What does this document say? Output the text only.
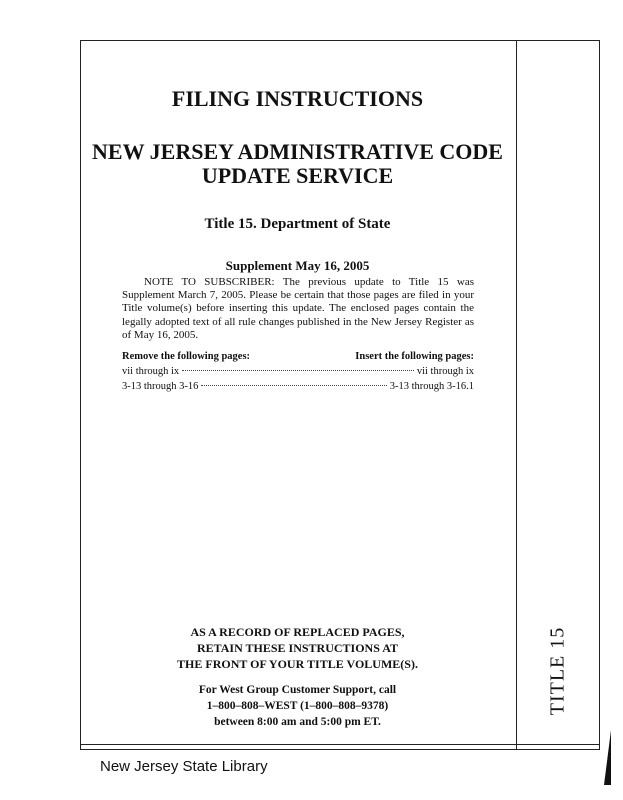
TITLE 15
FILING INSTRUCTIONS
NEW JERSEY ADMINISTRATIVE CODE
UPDATE SERVICE
Title 15. Department of State
Supplement May 16, 2005
NOTE TO SUBSCRIBER: The previous update to Title 15 was Supplement March 7, 2005. Please be certain that those pages are filed in your Title volume(s) before inserting this update. The enclosed pages contain the legally adopted text of all rule changes published in the New Jersey Register as of May 16, 2005.
Remove the following pages:	Insert the following pages:
vii through ix	vii through ix
3-13 through 3-16	3-13 through 3-16.1
AS A RECORD OF REPLACED PAGES,
RETAIN THESE INSTRUCTIONS AT
THE FRONT OF YOUR TITLE VOLUME(S).
For West Group Customer Support, call
1–800–808–WEST (1–800–808–9378)
between 8:00 am and 5:00 pm ET.
New Jersey State Library
